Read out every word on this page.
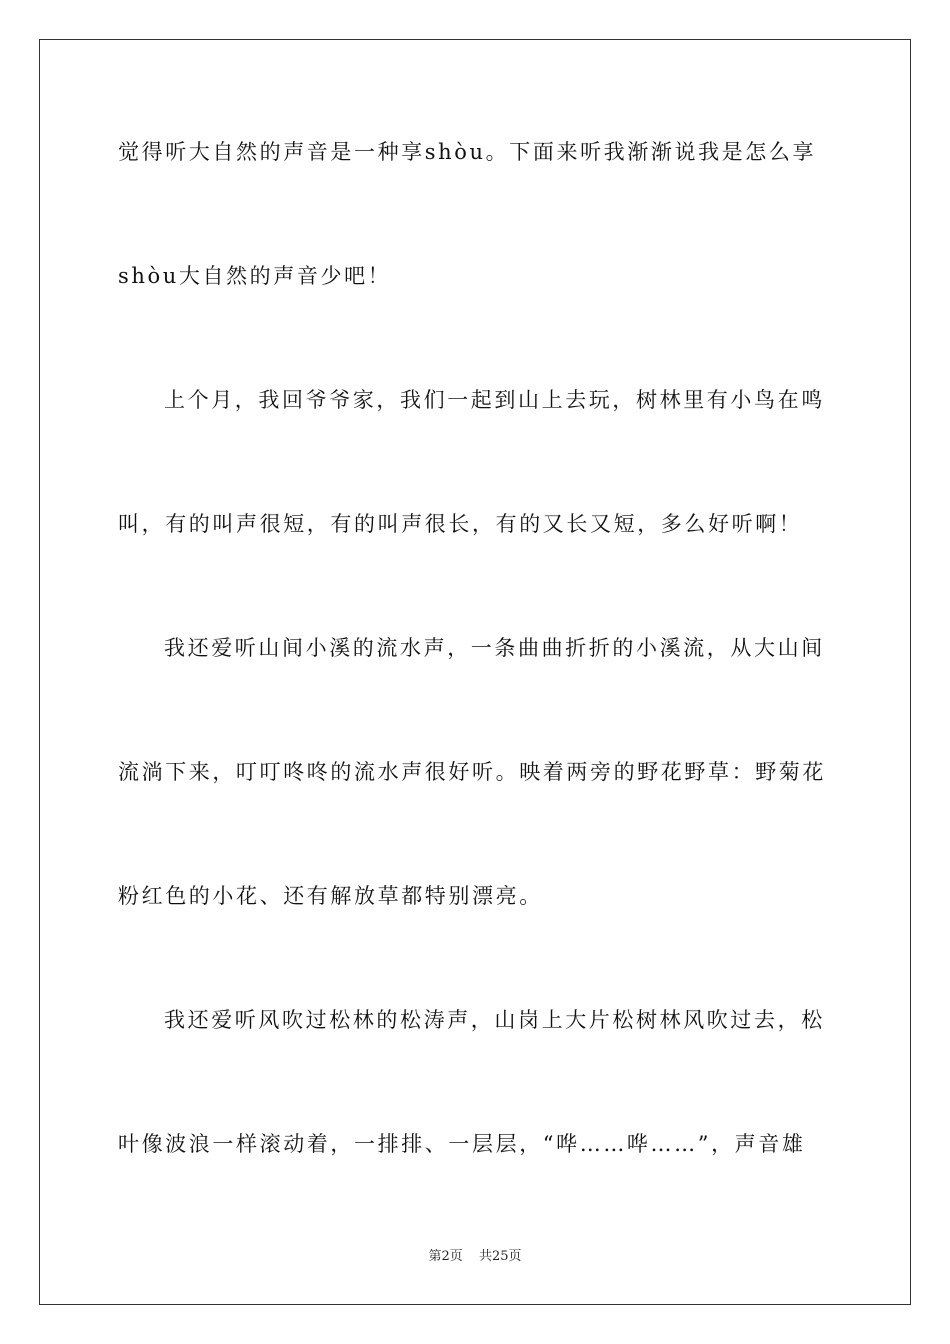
觉得听大自然的声音是一种享shòu。下面来听我渐渐说我是怎么享
shòu大自然的声音少吧！
上个月，我回爷爷家，我们一起到山上去玩，树林里有小鸟在鸣
叫，有的叫声很短，有的叫声很长，有的又长又短，多么好听啊！
我还爱听山间小溪的流水声，一条曲曲折折的小溪流，从大山间
流淌下来，叮叮咚咚的流水声很好听。映着两旁的野花野草：野菊花
粉红色的小花、还有解放草都特别漂亮。
我还爱听风吹过松林的松涛声，山岗上大片松树林风吹过去，松
叶像波浪一样滚动着，一排排、一层层，“哗……哗……”，声音雄
第2页 共25页
